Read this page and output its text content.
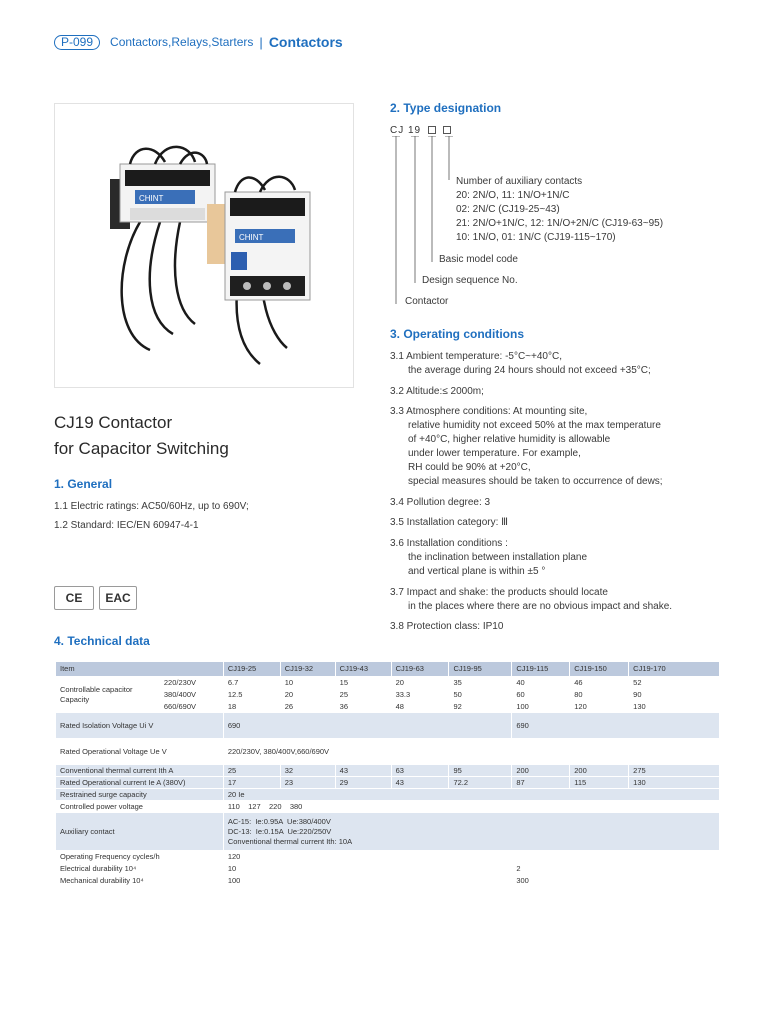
P-099	Contactors,Relays,Starters | Contactors
CHINT
CHINT
CJ19 Contactor
for Capacitor Switching
1. General
1.1 Electric ratings: AC50/60Hz, up to 690V;
1.2 Standard: IEC/EN 60947-4-1
CE	EAC
2. Type designation
CJ 19
Number of auxiliary contacts
20: 2N/O, 11: 1N/O+1N/C
02: 2N/C (CJ19-25~43)
21: 2N/O+1N/C, 12: 1N/O+2N/C (CJ19-63~95)
10: 1N/O, 01: 1N/C (CJ19-115~170)
Basic model code
Design sequence No.
Contactor
3. Operating conditions
3.1 Ambient temperature: -5°C~+40°C,
the average during 24 hours should not exceed +35°C;
3.2 Altitude:≤ 2000m;
3.3 Atmosphere conditions: At mounting site,
relative humidity not exceed 50% at the max temperature
of +40°C, higher relative humidity is allowable
under lower temperature. For example,
RH could be 90% at +20°C,
special measures should be taken to occurrence of dews;
3.4 Pollution degree: 3
3.5 Installation category: Ⅲ
3.6 Installation conditions :
the inclination between installation plane
and vertical plane is within ±5 °
3.7 Impact and shake: the products should locate
in the places where there are no obvious impact and shake.
3.8 Protection class: IP10
4. Technical data
Item		CJ19-25	CJ19-32	CJ19-43	CJ19-63	CJ19-95	CJ19-115	CJ19-150	CJ19-170
Controllable capacitor Capacity	220/230V	6.7	10	15	20	35	40	46	52
	380/400V	12.5	20	25	33.3	50	60	80	90
	660/690V	18	26	36	48	92	100	120	130
Rated Isolation Voltage Ui V		690					690		
Rated Operational Voltage Ue V		220/230V, 380/400V,660/690V							
Conventional thermal current Ith A		25	32	43	63	95	200	200	275
Rated Operational current Ie A (380V)		17	23	29	43	72.2	87	115	130
Restrained surge capacity		20 Ie							
Controlled power voltage		110    127    220    380							
Auxiliary contact		AC-15:  Ie:0.95A  Ue:380/400V
DC-13:  Ie:0.15A  Ue:220/250V
Conventional thermal current Ith: 10A							

Operating Frequency cycles/h		120							
Electrical durability 10⁴		10					2		
Mechanical durability 10⁴		100					300		
